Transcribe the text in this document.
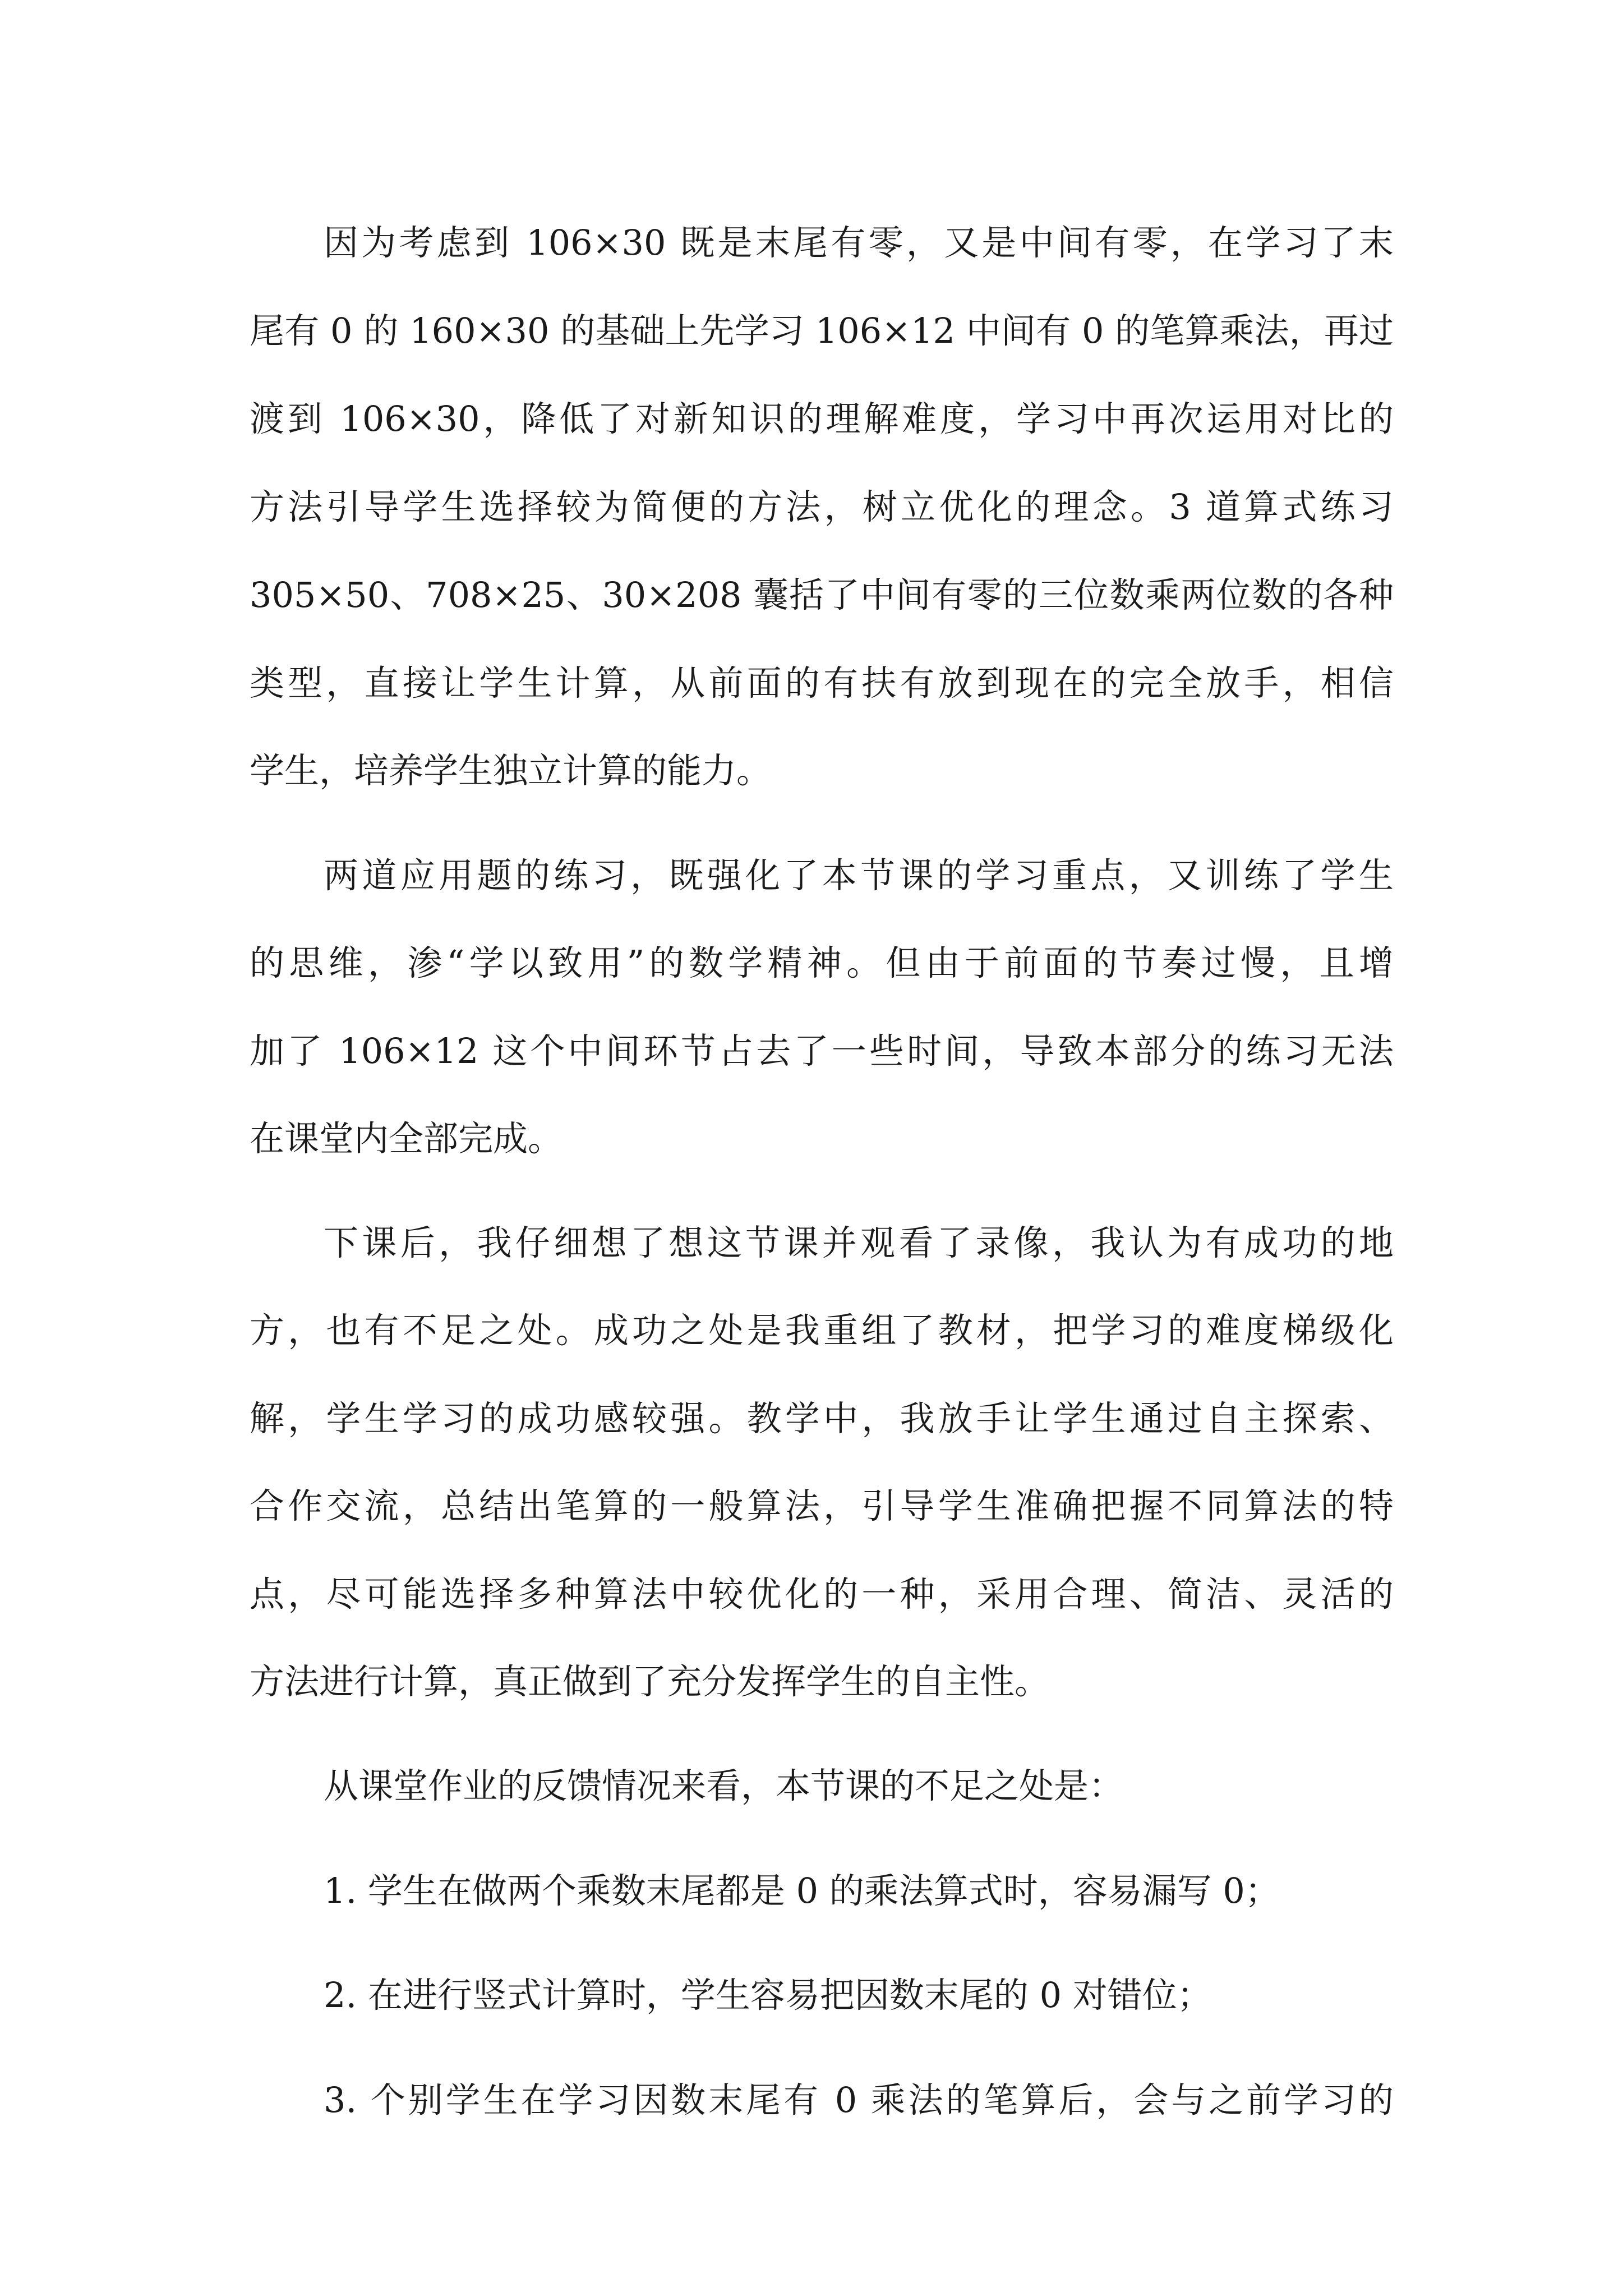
因为考虑到 106×30 既是末尾有零，又是中间有零，在学习了末

尾有 0 的 160×30 的基础上先学习 106×12 中间有 0 的笔算乘法，再过

渡到 106×30，降低了对新知识的理解难度，学习中再次运用对比的

方法引导学生选择较为简便的方法，树立优化的理念。3 道算式练习

305×50、708×25、30×208 囊括了中间有零的三位数乘两位数的各种

类型，直接让学生计算，从前面的有扶有放到现在的完全放手，相信

学生，培养学生独立计算的能力。

两道应用题的练习，既强化了本节课的学习重点，又训练了学生

的思维，渗“学以致用”的数学精神。但由于前面的节奏过慢，且增

加了 106×12 这个中间环节占去了一些时间，导致本部分的练习无法

在课堂内全部完成。

下课后，我仔细想了想这节课并观看了录像，我认为有成功的地

方，也有不足之处。成功之处是我重组了教材，把学习的难度梯级化

解，学生学习的成功感较强。教学中，我放手让学生通过自主探索、

合作交流，总结出笔算的一般算法，引导学生准确把握不同算法的特

点，尽可能选择多种算法中较优化的一种，采用合理、简洁、灵活的

方法进行计算，真正做到了充分发挥学生的自主性。

从课堂作业的反馈情况来看，本节课的不足之处是：

1. 学生在做两个乘数末尾都是 0 的乘法算式时，容易漏写 0；

2. 在进行竖式计算时，学生容易把因数末尾的 0 对错位；

3. 个别学生在学习因数末尾有 0 乘法的笔算后，会与之前学习的
